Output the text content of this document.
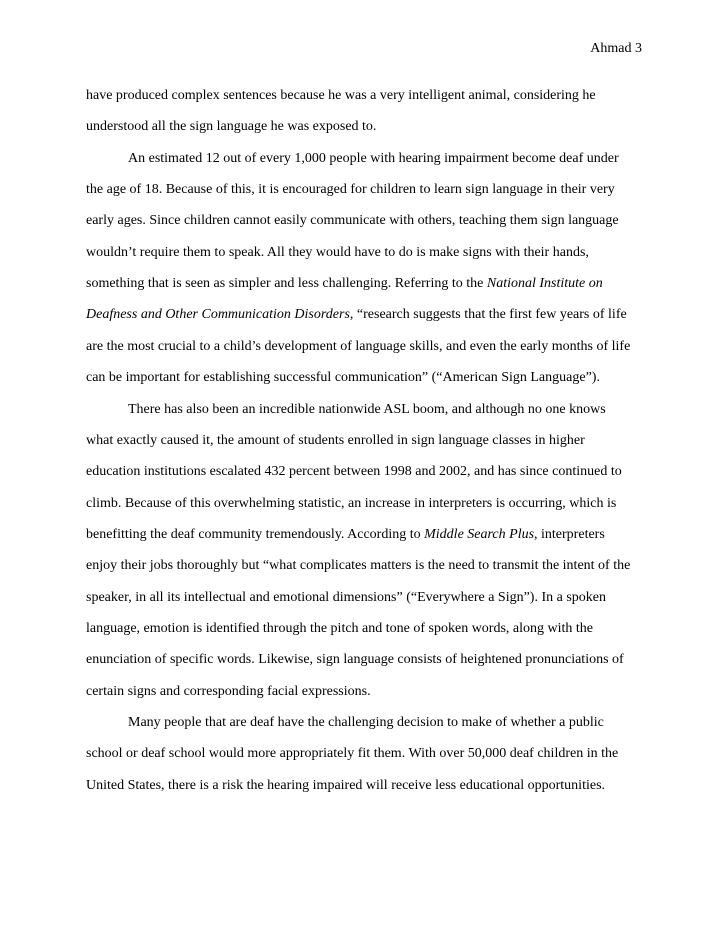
Ahmad 3
have produced complex sentences because he was a very intelligent animal, considering he
understood all the sign language he was exposed to.
An estimated 12 out of every 1,000 people with hearing impairment become deaf under
the age of 18. Because of this, it is encouraged for children to learn sign language in their very
early ages. Since children cannot easily communicate with others, teaching them sign language
wouldn’t require them to speak. All they would have to do is make signs with their hands,
something that is seen as simpler and less challenging. Referring to the National Institute on
Deafness and Other Communication Disorders, “research suggests that the first few years of life
are the most crucial to a child’s development of language skills, and even the early months of life
can be important for establishing successful communication” (“American Sign Language”).
There has also been an incredible nationwide ASL boom, and although no one knows
what exactly caused it, the amount of students enrolled in sign language classes in higher
education institutions escalated 432 percent between 1998 and 2002, and has since continued to
climb. Because of this overwhelming statistic, an increase in interpreters is occurring, which is
benefitting the deaf community tremendously. According to Middle Search Plus, interpreters
enjoy their jobs thoroughly but “what complicates matters is the need to transmit the intent of the
speaker, in all its intellectual and emotional dimensions” (“Everywhere a Sign”). In a spoken
language, emotion is identified through the pitch and tone of spoken words, along with the
enunciation of specific words. Likewise, sign language consists of heightened pronunciations of
certain signs and corresponding facial expressions.
Many people that are deaf have the challenging decision to make of whether a public
school or deaf school would more appropriately fit them. With over 50,000 deaf children in the
United States, there is a risk the hearing impaired will receive less educational opportunities.
